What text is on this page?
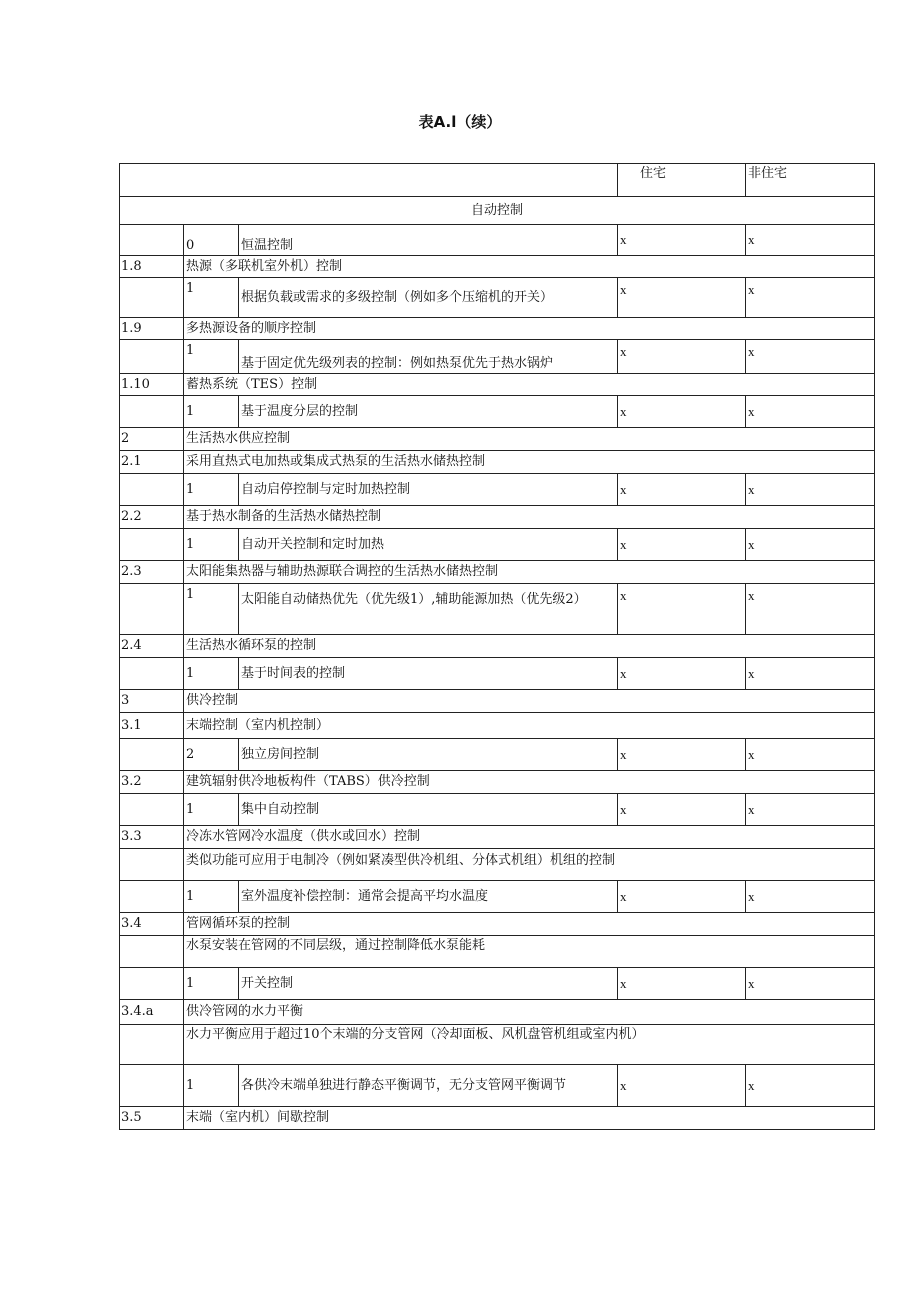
表A.l（续）
			住宅	非住宅
自动控制				
	0	恒温控制	x	x
1.8	热源（多联机室外机）控制			
	1	根据负载或需求的多级控制（例如多个压缩机的开关）	x	x
1.9	多热源设备的顺序控制			
	1	基于固定优先级列表的控制：例如热泵优先于热水锅炉	x	x
1.10	蓄热系统（TES）控制			
	1	基于温度分层的控制	x	x
2	生活热水供应控制			
2.1	采用直热式电加热或集成式热泵的生活热水储热控制			
	1	自动启停控制与定时加热控制	x	x
2.2	基于热水制备的生活热水储热控制			
	1	自动开关控制和定时加热	x	x
2.3	太阳能集热器与辅助热源联合调控的生活热水储热控制			
	1	太阳能自动储热优先（优先级1）,辅助能源加热（优先级2）	x	x
2.4	生活热水循环泵的控制			
	1	基于时间表的控制	x	x
3	供冷控制			
3.1	末端控制（室内机控制）			
	2	独立房间控制	x	x
3.2	建筑辐射供冷地板构件（TABS）供冷控制			
	1	集中自动控制	x	x
3.3	冷冻水管网冷水温度（供水或回水）控制			
	类似功能可应用于电制冷（例如紧凑型供冷机组、分体式机组）机组的控制			
	1	室外温度补偿控制：通常会提高平均水温度	x	x
3.4	管网循环泵的控制			
	水泵安装在管网的不同层级，通过控制降低水泵能耗			
	1	开关控制	x	x
3.4.a	供冷管网的水力平衡			
	水力平衡应用于超过10个末端的分支管网（冷却面板、风机盘管机组或室内机）			
	1	各供冷末端单独进行静态平衡调节，无分支管网平衡调节	x	x
3.5	末端（室内机）间歇控制			
